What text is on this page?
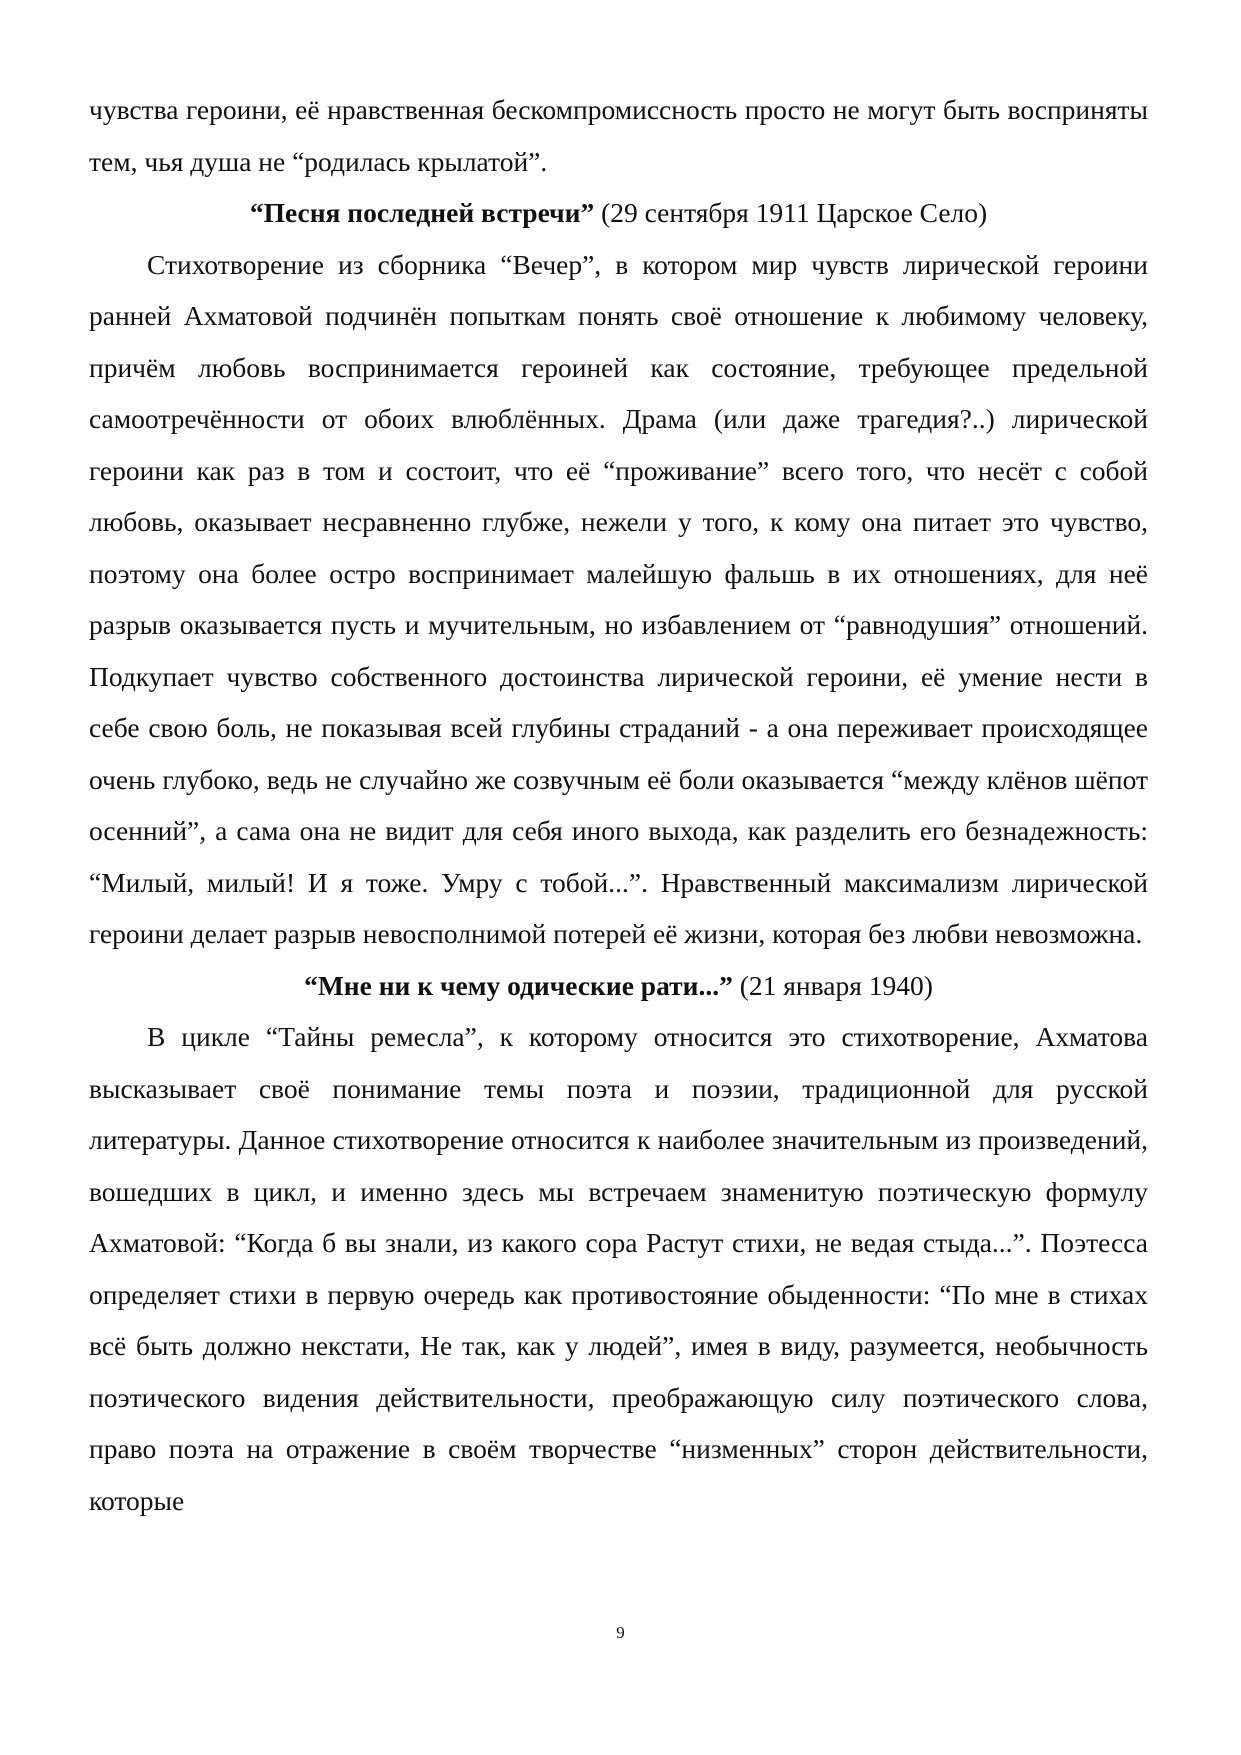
чувства героини, её нравственная бескомпромиссность просто не могут быть восприняты тем, чья душа не “родилась крылатой”.

“Песня последней встречи” (29 сентября 1911 Царское Село)

Стихотворение из сборника “Вечер”, в котором мир чувств лирической героини ранней Ахматовой подчинён попыткам понять своё отношение к любимому человеку, причём любовь воспринимается героиней как состояние, требующее предельной самоотречённости от обоих влюблённых. Драма (или даже трагедия?..) лирической героини как раз в том и состоит, что её “проживание” всего того, что несёт с собой любовь, оказывает несравненно глубже, нежели у того, к кому она питает это чувство, поэтому она более остро воспринимает малейшую фальшь в их отношениях, для неё разрыв оказывается пусть и мучительным, но избавлением от “равнодушия” отношений. Подкупает чувство собственного достоинства лирической героини, её умение нести в себе свою боль, не показывая всей глубины страданий - а она переживает происходящее очень глубоко, ведь не случайно же созвучным её боли оказывается “между клёнов шёпот осенний”, а сама она не видит для себя иного выхода, как разделить его безнадежность: “Милый, милый! И я тоже. Умру с тобой...”. Нравственный максимализм лирической героини делает разрыв невосполнимой потерей её жизни, которая без любви невозможна.

“Мне ни к чему одические рати...” (21 января 1940)

В цикле “Тайны ремесла”, к которому относится это стихотворение, Ахматова высказывает своё понимание темы поэта и поэзии, традиционной для русской литературы. Данное стихотворение относится к наиболее значительным из произведений, вошедших в цикл, и именно здесь мы встречаем знаменитую поэтическую формулу Ахматовой: “Когда б вы знали, из какого сора Растут стихи, не ведая стыда...”. Поэтесса определяет стихи в первую очередь как противостояние обыденности: “По мне в стихах всё быть должно некстати, Не так, как у людей”, имея в виду, разумеется, необычность поэтического видения действительности, преображающую силу поэтического слова, право поэта на отражение в своём творчестве “низменных” сторон действительности, которые

9
